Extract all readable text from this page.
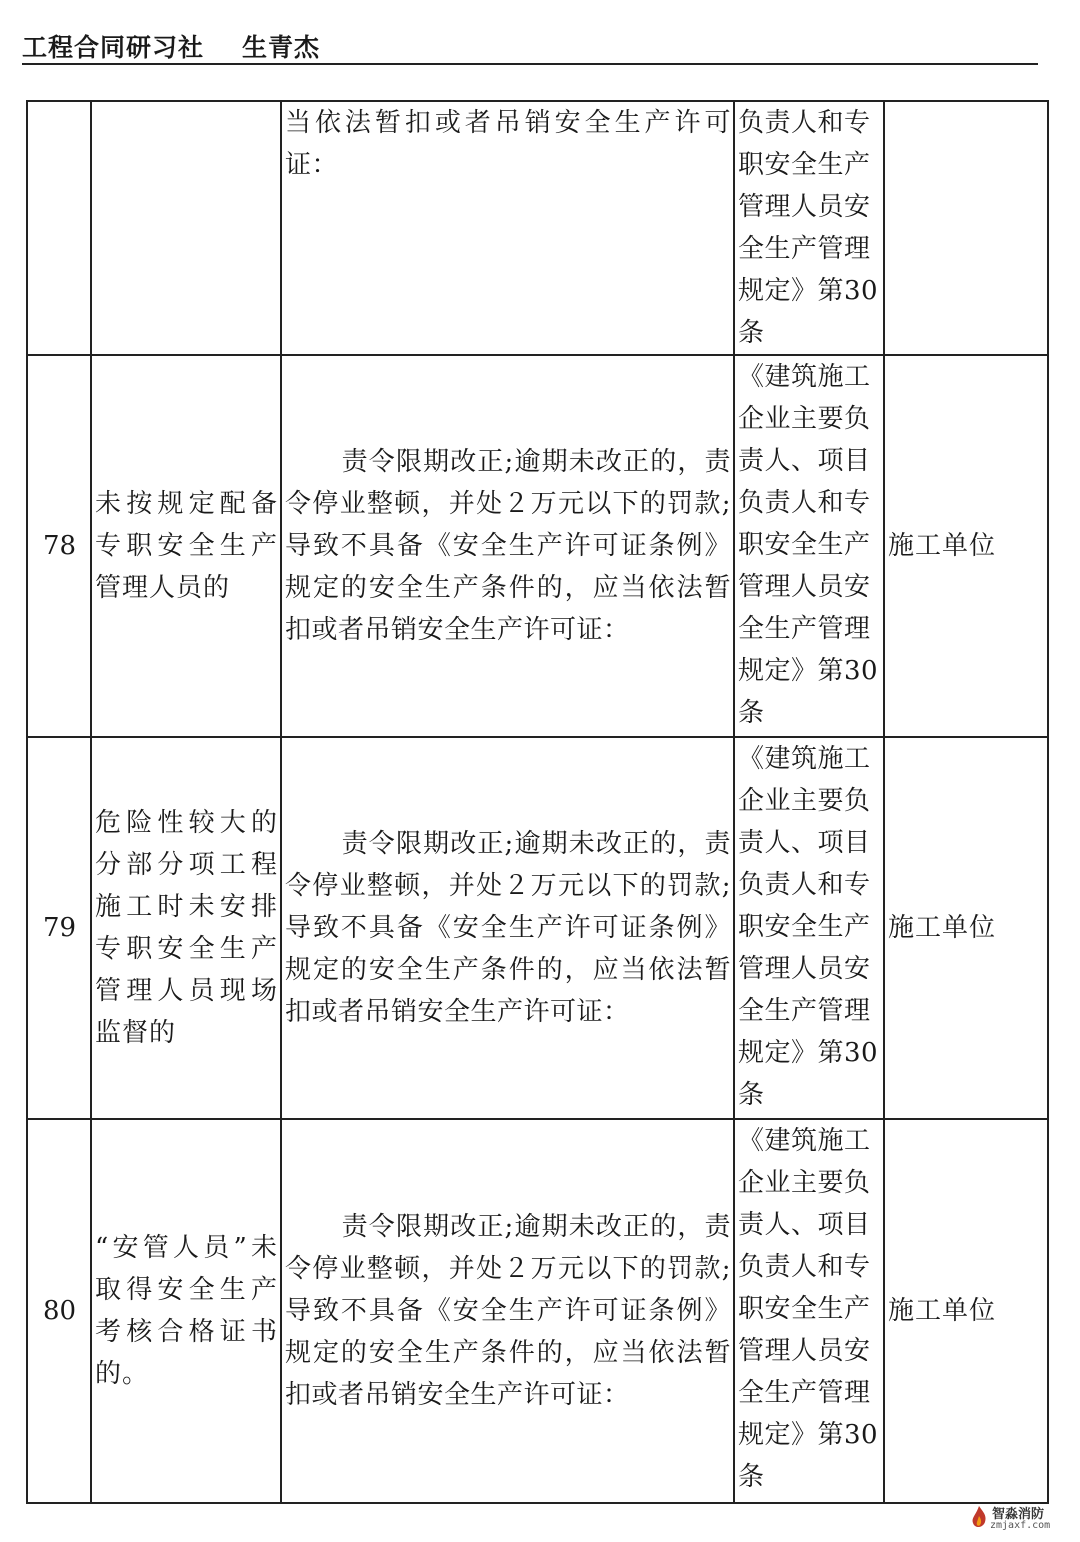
工程合同研习社 生青杰
		当依法暂扣或者吊销安全生产许可证：	负责人和专职安全生产管理人员安全生产管理规定》第30条	
78	未按规定配备专职安全生产管理人员的	责令限期改正;逾期未改正的，责令停业整顿，并处２万元以下的罚款;导致不具备《安全生产许可证条例》规定的安全生产条件的，应当依法暂扣或者吊销安全生产许可证：	《建筑施工企业主要负责人、项目负责人和专职安全生产管理人员安全生产管理规定》第30条	施工单位
79	危险性较大的分部分项工程施工时未安排专职安全生产管理人员现场监督的	责令限期改正;逾期未改正的，责令停业整顿，并处２万元以下的罚款;导致不具备《安全生产许可证条例》规定的安全生产条件的，应当依法暂扣或者吊销安全生产许可证：	《建筑施工企业主要负责人、项目负责人和专职安全生产管理人员安全生产管理规定》第30条	施工单位
80	“安管人员”未取得安全生产考核合格证书的。	责令限期改正;逾期未改正的，责令停业整顿，并处２万元以下的罚款;导致不具备《安全生产许可证条例》规定的安全生产条件的，应当依法暂扣或者吊销安全生产许可证：	《建筑施工企业主要负责人、项目负责人和专职安全生产管理人员安全生产管理规定》第30条	施工单位
智淼消防
zmjaxf.com
